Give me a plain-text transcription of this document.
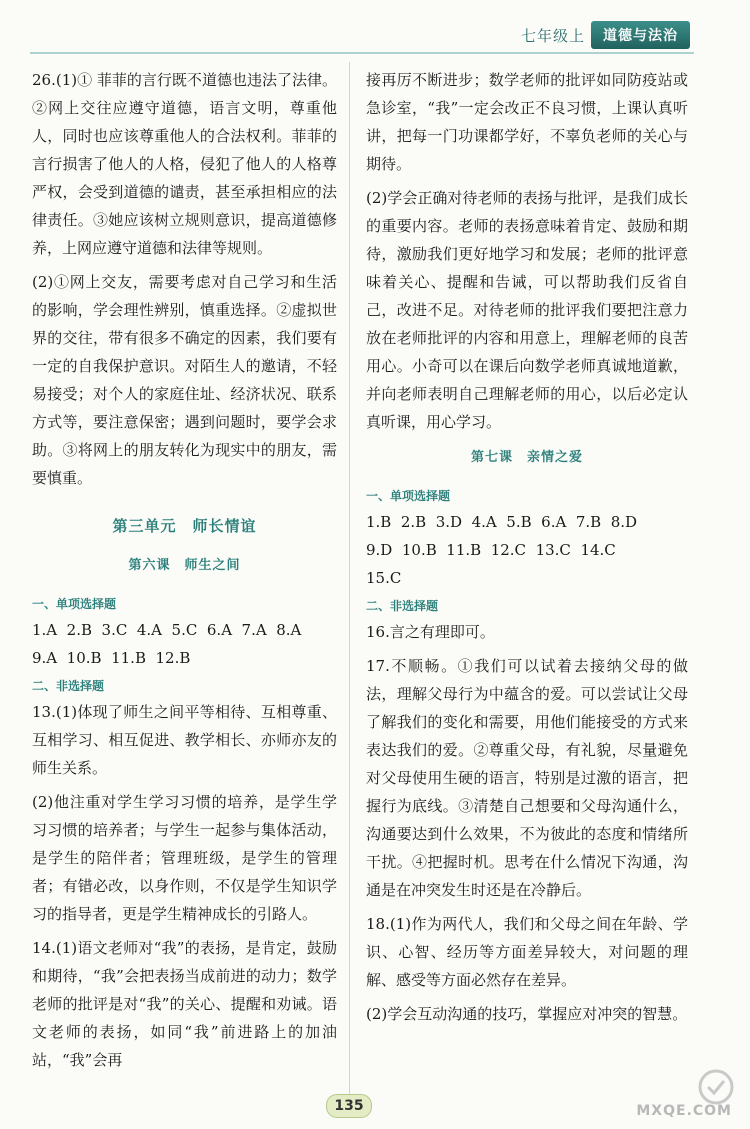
七年级上	道德与法治

26.(1)① 菲菲的言行既不道德也违法了法律。②网上交往应遵守道德，语言文明，尊重他人，同时也应该尊重他人的合法权利。菲菲的言行损害了他人的人格，侵犯了他人的人格尊严权，会受到道德的谴责，甚至承担相应的法律责任。③她应该树立规则意识，提高道德修养，上网应遵守道德和法律等规则。

(2)①网上交友，需要考虑对自己学习和生活的影响，学会理性辨别，慎重选择。②虚拟世界的交往，带有很多不确定的因素，我们要有一定的自我保护意识。对陌生人的邀请，不轻易接受；对个人的家庭住址、经济状况、联系方式等，要注意保密；遇到问题时，要学会求助。③将网上的朋友转化为现实中的朋友，需要慎重。

第三单元　师长情谊

第六课　师生之间

一、单项选择题

1.A  2.B  3.C  4.A  5.C  6.A  7.A  8.A

9.A  10.B  11.B  12.B

二、非选择题

13.(1)体现了师生之间平等相待、互相尊重、互相学习、相互促进、教学相长、亦师亦友的师生关系。

(2)他注重对学生学习习惯的培养，是学生学习习惯的培养者；与学生一起参与集体活动，是学生的陪伴者；管理班级，是学生的管理者；有错必改，以身作则，不仅是学生知识学习的指导者，更是学生精神成长的引路人。

14.(1)语文老师对“我”的表扬，是肯定，鼓励和期待，“我”会把表扬当成前进的动力；数学老师的批评是对“我”的关心、提醒和劝诫。语文老师的表扬，如同“我”前进路上的加油站，“我”会再

接再厉不断进步；数学老师的批评如同防疫站或急诊室，“我”一定会改正不良习惯，上课认真听讲，把每一门功课都学好，不辜负老师的关心与期待。

(2)学会正确对待老师的表扬与批评，是我们成长的重要内容。老师的表扬意味着肯定、鼓励和期待，激励我们更好地学习和发展；老师的批评意味着关心、提醒和告诫，可以帮助我们反省自己，改进不足。对待老师的批评我们要把注意力放在老师批评的内容和用意上，理解老师的良苦用心。小奇可以在课后向数学老师真诚地道歉，并向老师表明自己理解老师的用心，以后必定认真听课，用心学习。

第七课　亲情之爱

一、单项选择题

1.B  2.B  3.D  4.A  5.B  6.A  7.B  8.D

9.D  10.B  11.B  12.C  13.C  14.C

15.C

二、非选择题

16.言之有理即可。

17.不顺畅。①我们可以试着去接纳父母的做法，理解父母行为中蕴含的爱。可以尝试让父母了解我们的变化和需要，用他们能接受的方式来表达我们的爱。②尊重父母，有礼貌，尽量避免对父母使用生硬的语言，特别是过激的语言，把握行为底线。③清楚自己想要和父母沟通什么，沟通要达到什么效果，不为彼此的态度和情绪所干扰。④把握时机。思考在什么情况下沟通，沟通是在冲突发生时还是在冷静后。

18.(1)作为两代人，我们和父母之间在年龄、学识、心智、经历等方面差异较大，对问题的理解、感受等方面必然存在差异。

(2)学会互动沟通的技巧，掌握应对冲突的智慧。

135	MXQE.COM
